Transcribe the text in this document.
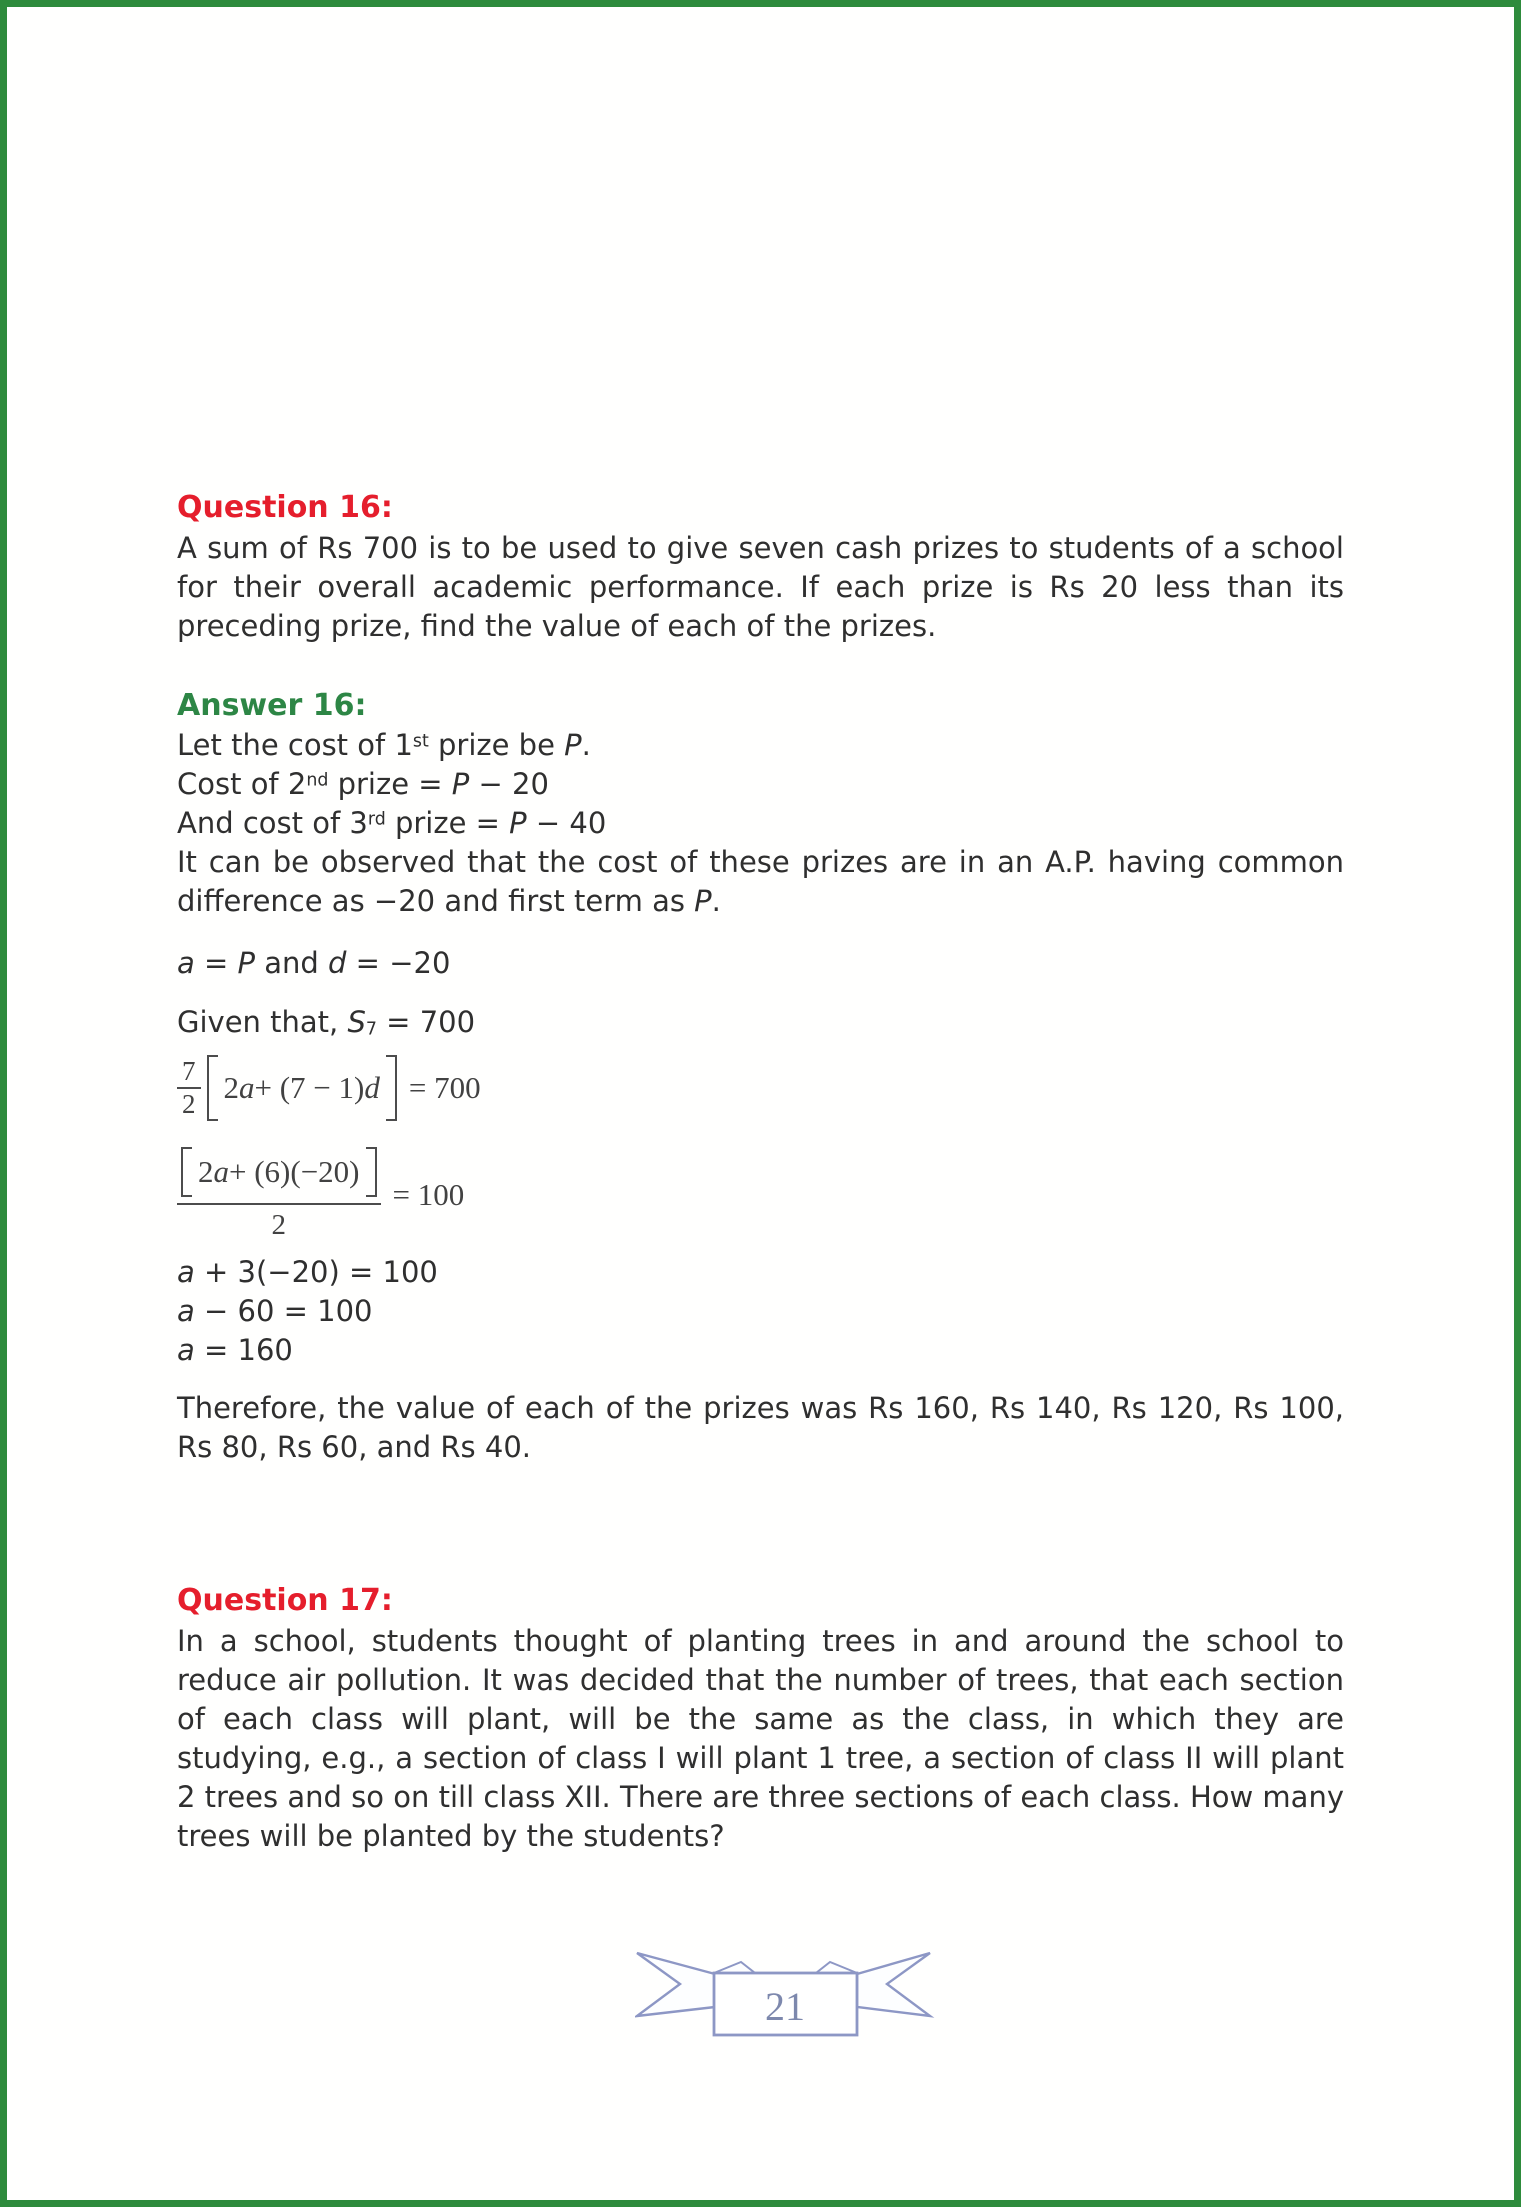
Question 16:

A sum of Rs 700 is to be used to give seven cash prizes to students of a school for their overall academic performance. If each prize is Rs 20 less than its preceding prize, find the value of each of the prizes.

Answer 16:

Let the cost of 1st prize be P.

Cost of 2nd prize = P − 20

And cost of 3rd prize = P − 40

It can be observed that the cost of these prizes are in an A.P. having common difference as −20 and first term as P.

a = P and d = −20

Given that, $S_7 = 700$

$\frac{7}{2} 2$ a + (7 − 1) d = 700
2 a + (6)(−20)
2
= 100

a + 3(−20) = 100

a − 60 = 100

a = 160

Therefore, the value of each of the prizes was Rs 160, Rs 140, Rs 120, Rs 100, Rs 80, Rs 60, and Rs 40.

Question 17:

In a school, students thought of planting trees in and around the school to reduce air pollution. It was decided that the number of trees, that each section of each class will plant, will be the same as the class, in which they are studying, e.g., a section of class I will plant 1 tree, a section of class II will plant 2 trees and so on till class XII. There are three sections of each class. How many trees will be planted by the students?

21
